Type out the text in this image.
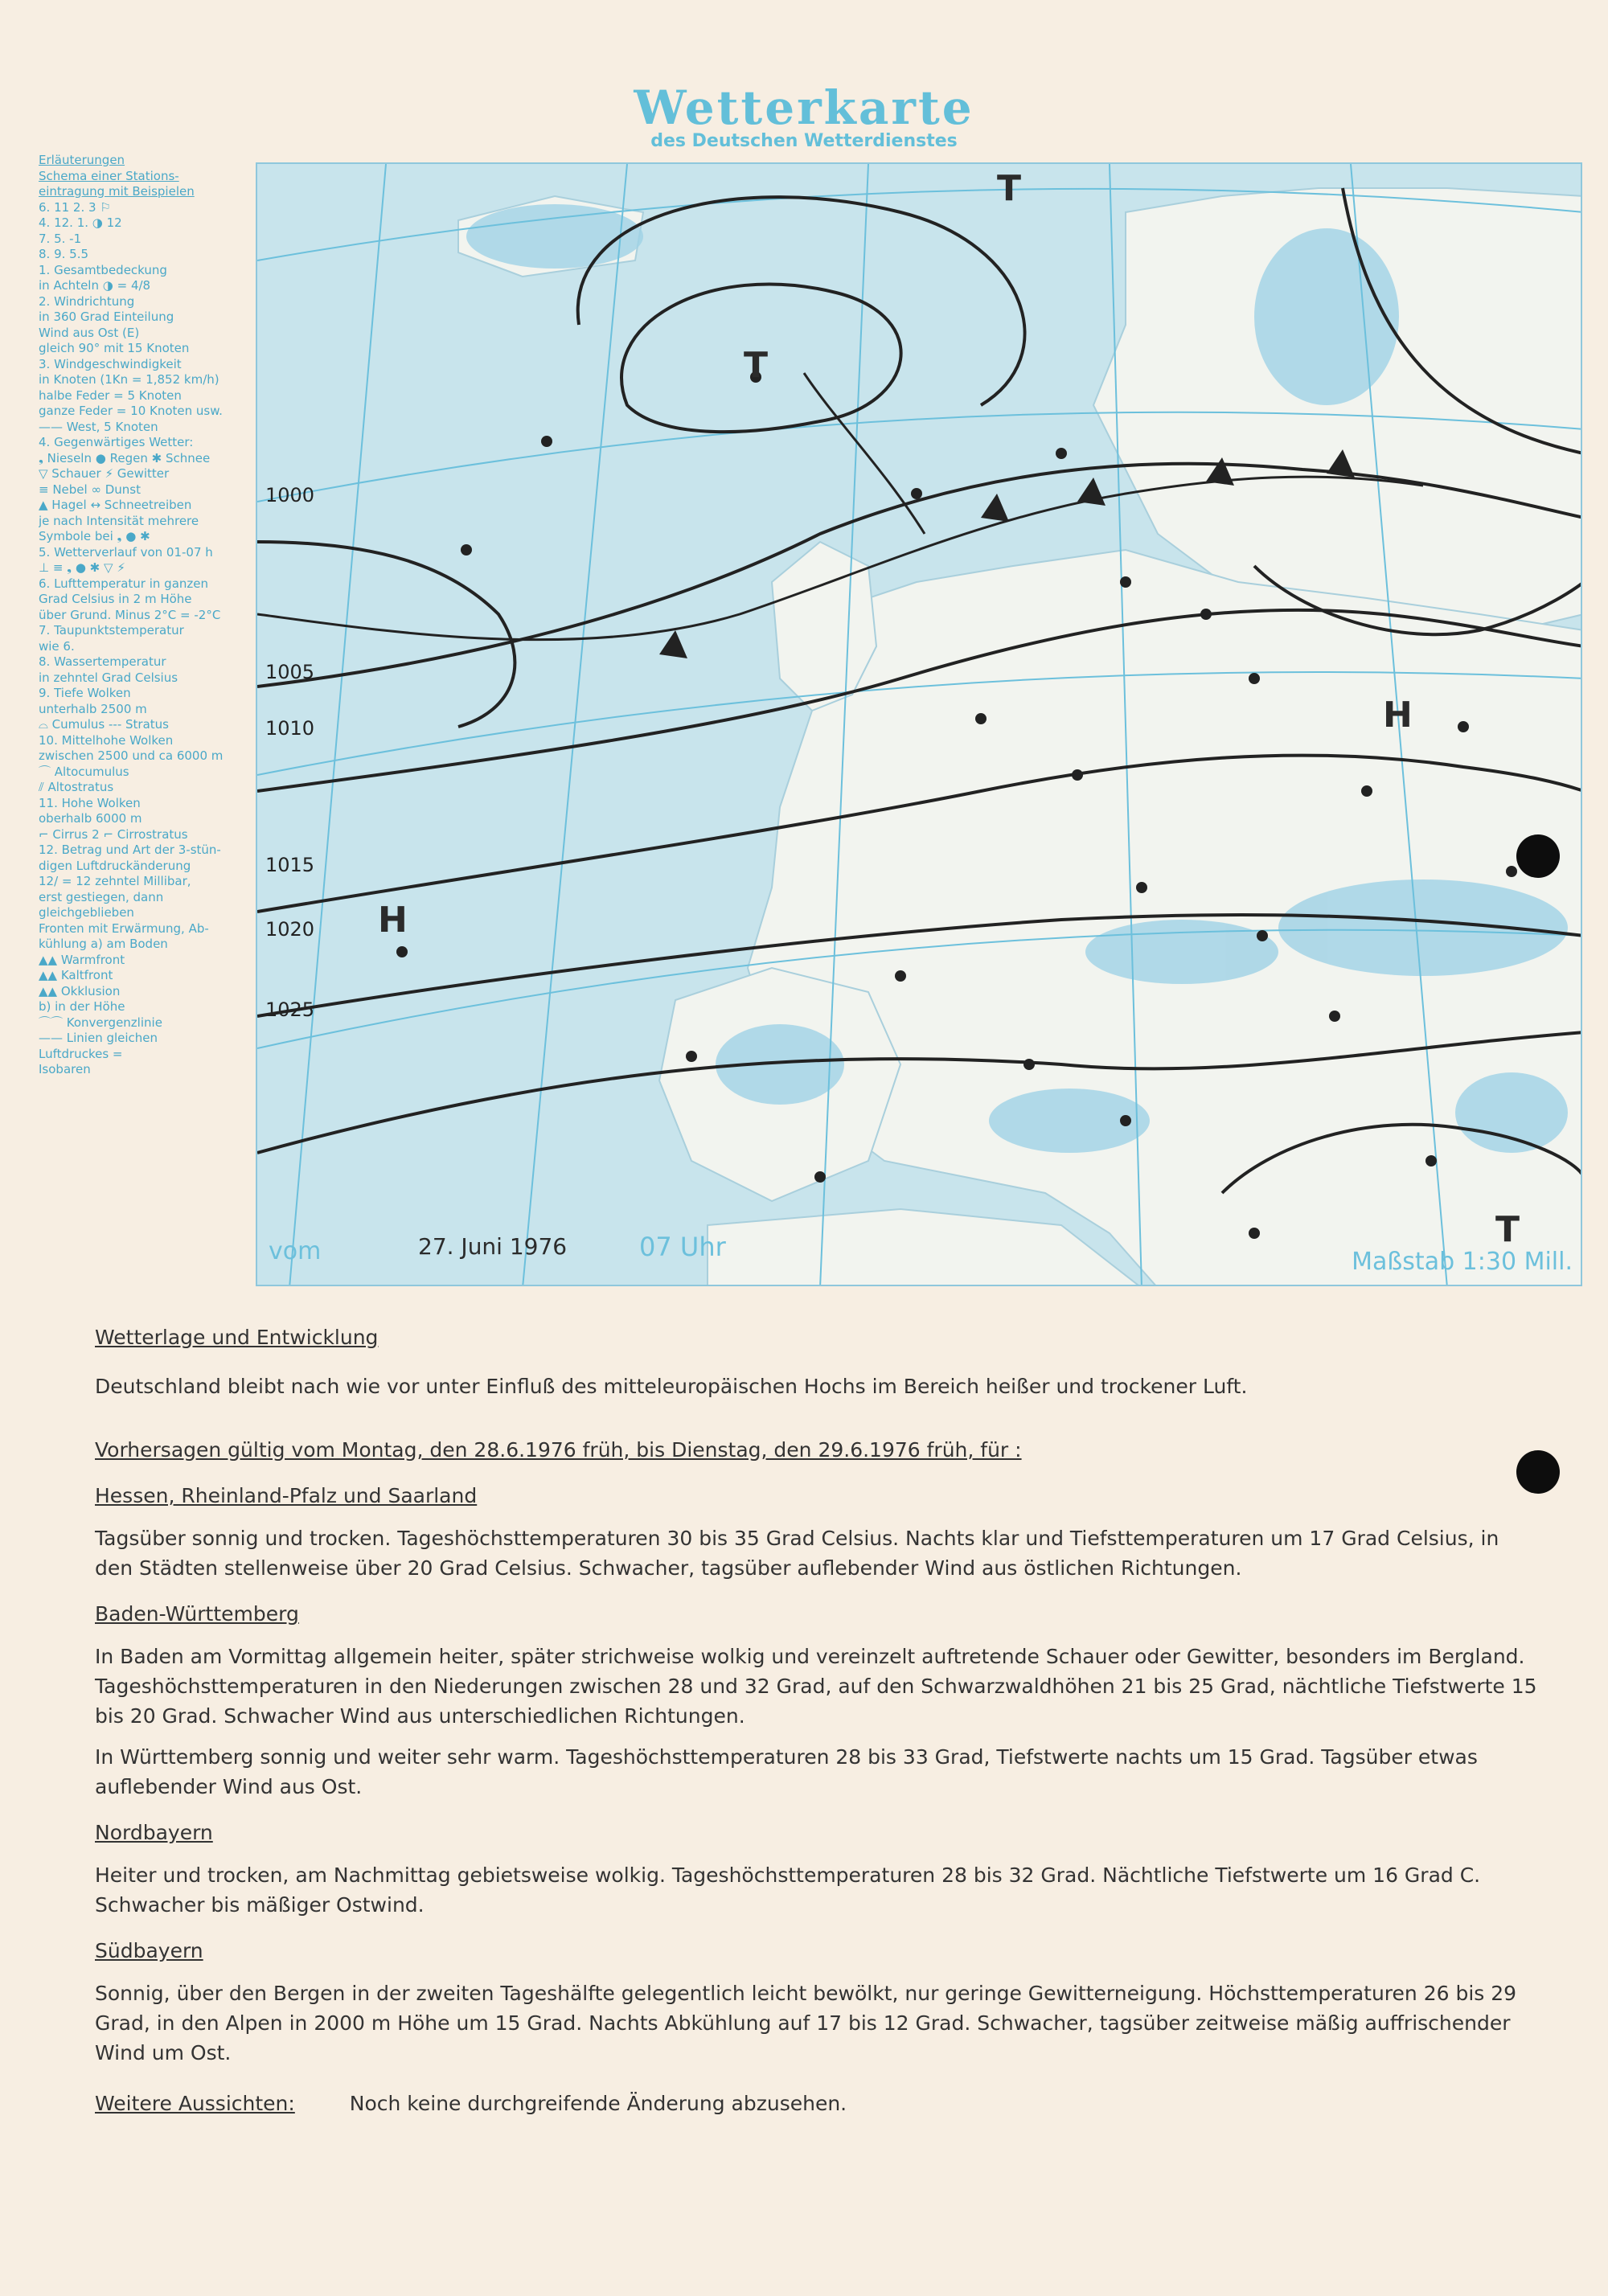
Wetterkarte
des Deutschen Wetterdienstes
Erläuterungen
Schema einer Stations-
eintragung mit Beispielen
6. 11 2. 3 ⚐
4. 12. 1. ◑ 12
7. 5. -1
8. 9. 5.5
1. Gesamtbedeckung
in Achteln ◑ = 4/8
2. Windrichtung
in 360 Grad Einteilung
Wind aus Ost (E)
gleich 90° mit 15 Knoten
3. Windgeschwindigkeit
in Knoten (1Kn = 1,852 km/h)
halbe Feder = 5 Knoten
ganze Feder = 10 Knoten usw.
—— West, 5 Knoten
4. Gegenwärtiges Wetter:
❟ Nieseln ● Regen ✱ Schnee
▽ Schauer ⚡ Gewitter
≡ Nebel ∞ Dunst
▲ Hagel ↔ Schneetreiben
je nach Intensität mehrere
Symbole bei ❟ ● ✱
5. Wetterverlauf von 01-07 h
⊥ ≡ ❟ ● ✱ ▽ ⚡
6. Lufttemperatur in ganzen
Grad Celsius in 2 m Höhe
über Grund. Minus 2°C = -2°C
7. Taupunktstemperatur
wie 6.
8. Wassertemperatur
in zehntel Grad Celsius
9. Tiefe Wolken
unterhalb 2500 m
⌓ Cumulus --- Stratus
10. Mittelhohe Wolken
zwischen 2500 und ca 6000 m
⌒ Altocumulus
⫽ Altostratus
11. Hohe Wolken
oberhalb 6000 m
⌐ Cirrus 2 ⌐ Cirrostratus
12. Betrag und Art der 3-stün-
digen Luftdruckänderung
12/ = 12 zehntel Millibar,
erst gestiegen, dann
gleichgeblieben
Fronten mit Erwärmung, Ab-
kühlung a) am Boden
▲▲ Warmfront
▲▲ Kaltfront
▲▲ Okklusion
b) in der Höhe
⌒⌒ Konvergenzlinie
—— Linien gleichen
Luftdruckes =
Isobaren
1000
1005
1010
1015
1020
1025
H
H
T
T
T
vom	27. Juni 1976	07 Uhr	Maßstab 1:30 Mill.

Wetterlage und Entwicklung

Deutschland bleibt nach wie vor unter Einfluß des mitteleuropäischen Hochs im Bereich heißer und trockener Luft.

Vorhersagen gültig vom Montag, den 28.6.1976 früh, bis Dienstag, den 29.6.1976 früh, für :

Hessen, Rheinland-Pfalz und Saarland

Tagsüber sonnig und trocken. Tageshöchsttemperaturen 30 bis 35 Grad Celsius. Nachts klar und Tiefsttemperaturen um 17 Grad Celsius, in den Städten stellenweise über 20 Grad Celsius. Schwacher, tagsüber auflebender Wind aus östlichen Richtungen.

Baden-Württemberg

In Baden am Vormittag allgemein heiter, später strichweise wolkig und vereinzelt auftretende Schauer oder Gewitter, besonders im Bergland. Tageshöchsttemperaturen in den Niederungen zwischen 28 und 32 Grad, auf den Schwarzwaldhöhen 21 bis 25 Grad, nächtliche Tiefstwerte 15 bis 20 Grad. Schwacher Wind aus unterschiedlichen Richtungen.

In Württemberg sonnig und weiter sehr warm. Tageshöchsttemperaturen 28 bis 33 Grad, Tiefstwerte nachts um 15 Grad. Tagsüber etwas auflebender Wind aus Ost.

Nordbayern

Heiter und trocken, am Nachmittag gebietsweise wolkig. Tageshöchsttemperaturen 28 bis 32 Grad. Nächtliche Tiefstwerte um 16 Grad C. Schwacher bis mäßiger Ostwind.

Südbayern

Sonnig, über den Bergen in der zweiten Tageshälfte gelegentlich leicht bewölkt, nur geringe Gewitterneigung. Höchsttemperaturen 26 bis 29 Grad, in den Alpen in 2000 m Höhe um 15 Grad. Nachts Abkühlung auf 17 bis 12 Grad. Schwacher, tagsüber zeitweise mäßig auffrischender Wind um Ost.

Weitere Aussichten:	Noch keine durchgreifende Änderung abzusehen.
